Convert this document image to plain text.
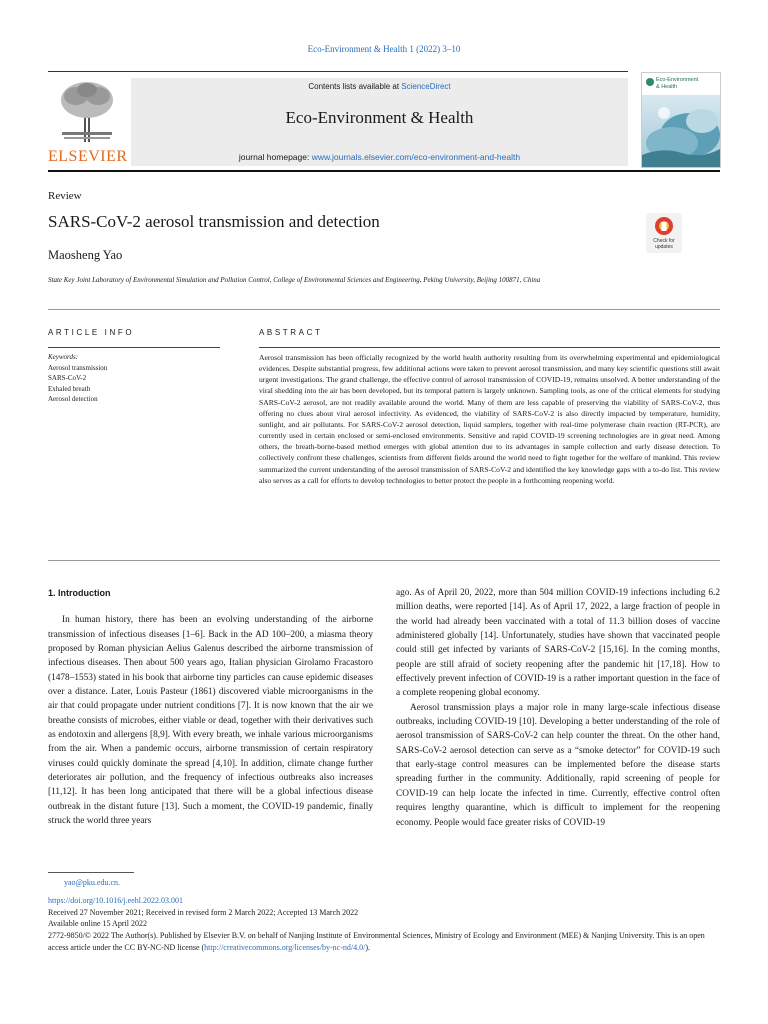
Eco-Environment & Health 1 (2022) 3–10
ELSEVIER
Contents lists available at ScienceDirect
Eco-Environment & Health
journal homepage: www.journals.elsevier.com/eco-environment-and-health
Eco-Environment
& Health
Review
SARS-CoV-2 aerosol transmission and detection
Check for
updates
Maosheng Yao
State Key Joint Laboratory of Environmental Simulation and Pollution Control, College of Environmental Sciences and Engineering, Peking University, Beijing 100871, China
ARTICLE INFO	ABSTRACT
Keywords:
Aerosol transmission
SARS-CoV-2
Exhaled breath
Aerosol detection
Aerosol transmission has been officially recognized by the world health authority resulting from its overwhelming experimental and epidemiological evidences. Despite substantial progress, few additional actions were taken to prevent aerosol transmission, and many key scientific questions still await urgent investigations. The grand challenge, the effective control of aerosol transmission of COVID-19, remains unsolved. A better understanding of the viral shedding into the air has been developed, but its temporal pattern is largely unknown. Sampling tools, as one of the critical elements for studying SARS-CoV-2 aerosol, are not readily available around the world. Many of them are less capable of preserving the viability of SARS-CoV-2, thus offering no clues about viral aerosol infectivity. As evidenced, the viability of SARS-CoV-2 is also directly impacted by temperature, humidity, sunlight, and air pollutants. For SARS-CoV-2 aerosol detection, liquid samplers, together with real-time polymerase chain reaction (RT-PCR), are currently used in certain enclosed or semi-enclosed environments. Sensitive and rapid COVID-19 screening technologies are in great need. Among others, the breath-borne-based method emerges with global attention due to its advantages in sample collection and early disease detection. To collectively confront these challenges, scientists from different fields around the world need to fight together for the welfare of mankind. This review summarized the current understanding of the aerosol transmission of SARS-CoV-2 and identified the key knowledge gaps with a to-do list. This review also serves as a call for efforts to develop technologies to better protect the people in a forthcoming reopening world.

1. Introduction

In human history, there has been an evolving understanding of the airborne transmission of infectious diseases [1–6]. Back in the AD 100–200, a miasma theory proposed by Roman physician Aelius Galenus described the airborne transmission of infectious diseases. Then about 500 years ago, Italian physician Girolamo Fracastoro (1478–1553) stated in his book that airborne tiny particles can cause epidemic diseases over a distance. Later, Louis Pasteur (1861) discovered viable microorganisms in the air that could propagate under nutrient conditions [7]. It is now known that the air we breathe consists of microbes, either viable or dead, together with their derivatives such as endotoxin and allergens [8,9]. With every breath, we inhale various microorganisms from the air. When a pandemic occurs, airborne transmission of certain respiratory viruses could quickly dominate the spread [4,10]. In addition, climate change further deteriorates air pollution, and the frequency of infectious outbreaks also increases [11,12]. It has been long anticipated that there will be a global infectious disease outbreak in the distant future [13]. Such a moment, the COVID-19 pandemic, finally struck the world three years

ago. As of April 20, 2022, more than 504 million COVID-19 infections including 6.2 million deaths, were reported [14]. As of April 17, 2022, a large fraction of people in the world had already been vaccinated with a total of 11.3 billion doses of vaccine administered globally [14]. Unfortunately, studies have shown that vaccinated people could still get infected by variants of SARS-CoV-2 [15,16]. In the coming months, people are still afraid of society reopening after the pandemic hit [17,18]. How to effectively prevent infection of COVID-19 is a rather important question in the face of a complete reopening global economy.

Aerosol transmission plays a major role in many large-scale infectious disease outbreaks, including COVID-19 [10]. Developing a better understanding of the role of aerosol transmission of SARS-CoV-2 can help counter the threat. On the other hand, SARS-CoV-2 aerosol detection can serve as a “smoke detector” for COVID-19 such that early-stage control measures can be implemented before the disease starts spreading further in the community. Additionally, rapid screening of people for COVID-19 can help locate the infected in time. Currently, effective control often requires lengthy quarantine, which is difficult to implement for the reopening economy. People would face greater risks of COVID-19

yao@pku.edu.cn.
https://doi.org/10.1016/j.eehl.2022.03.001
Received 27 November 2021; Received in revised form 2 March 2022; Accepted 13 March 2022
Available online 15 April 2022
2772-9850/© 2022 The Author(s). Published by Elsevier B.V. on behalf of Nanjing Institute of Environmental Sciences, Ministry of Ecology and Environment (MEE) & Nanjing University. This is an open access article under the CC BY-NC-ND license (http://creativecommons.org/licenses/by-nc-nd/4.0/).
